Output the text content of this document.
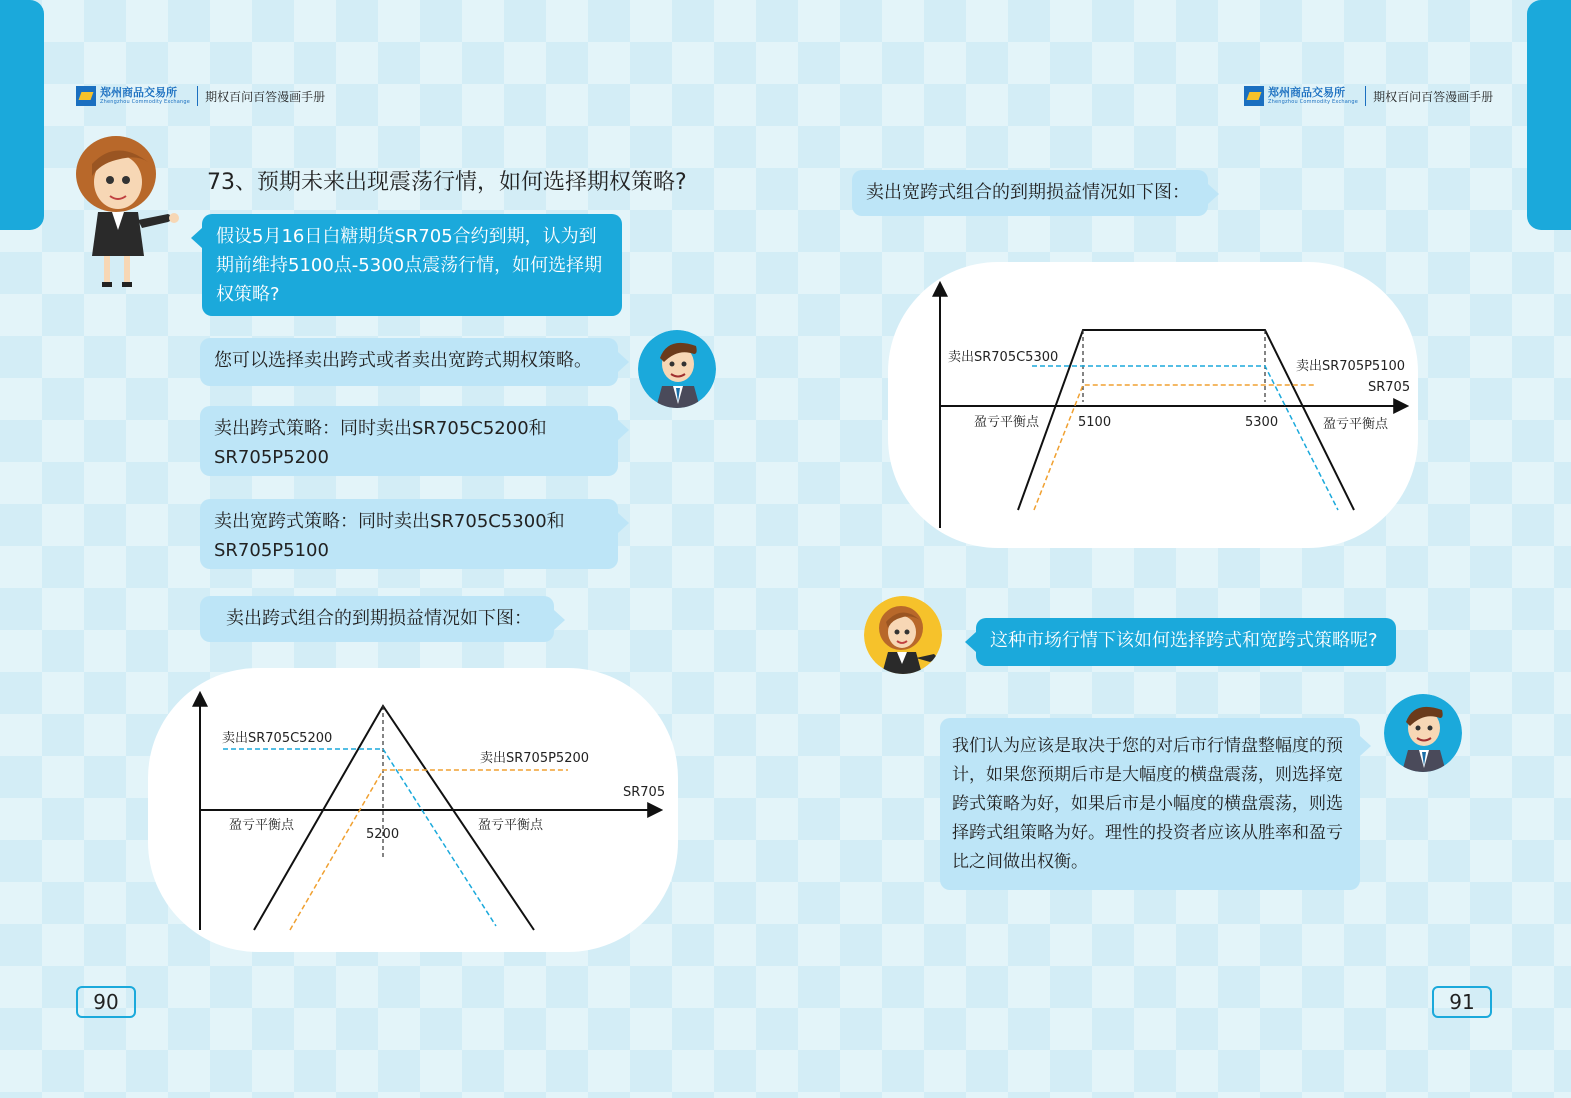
郑州商品交易所
Zhengzhou Commodity Exchange 期权百问百答漫画手册	郑州商品交易所
Zhengzhou Commodity Exchange 期权百问百答漫画手册
73、预期未来出现震荡行情，如何选择期权策略?
假设5月16日白糖期货SR705合约到期，认为到期前维持5100点-5300点震荡行情，如何选择期权策略?
您可以选择卖出跨式或者卖出宽跨式期权策略。
卖出跨式策略：同时卖出SR705C5200和SR705P5200
卖出宽跨式策略：同时卖出SR705C5300和SR705P5100
卖出跨式组合的到期损益情况如下图：
卖出SR705C5200
卖出SR705P5200
SR705
5200
盈亏平衡点	盈亏平衡点
90
卖出宽跨式组合的到期损益情况如下图：
卖出SR705C5300
卖出SR705P5100
SR705
5100	5300
盈亏平衡点	盈亏平衡点
这种市场行情下该如何选择跨式和宽跨式策略呢?
我们认为应该是取决于您的对后市行情盘整幅度的预计，如果您预期后市是大幅度的横盘震荡，则选择宽跨式策略为好，如果后市是小幅度的横盘震荡，则选择跨式组策略为好。理性的投资者应该从胜率和盈亏比之间做出权衡。
91
